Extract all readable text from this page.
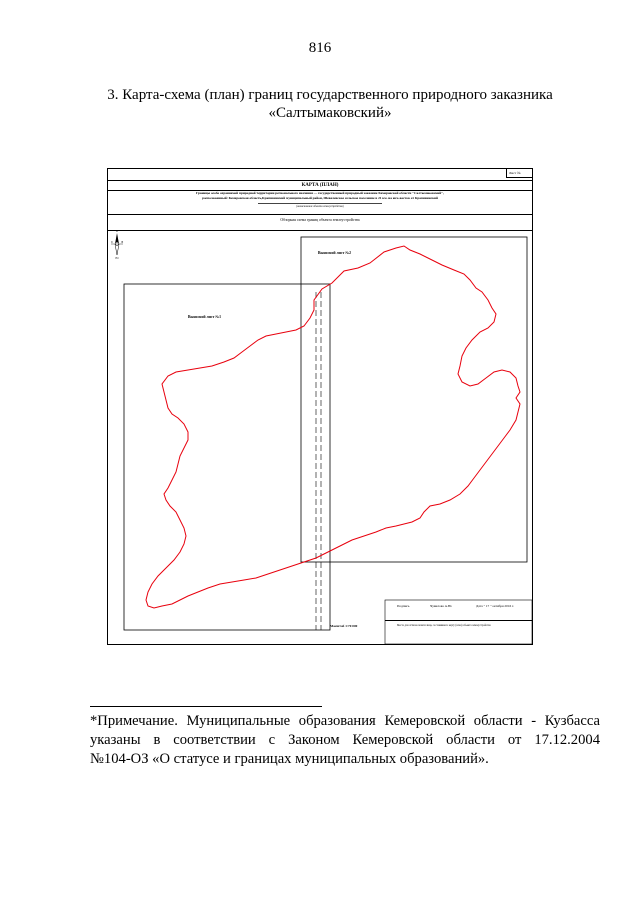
816
3. Карта-схема (план) границ государственного природного заказника
«Салтымаковский»
Лист №
КАРТА (ПЛАН)
Границы особо охраняемой природной территории регионального значения — государственный природный заказник Кемеровской области "Салтымаковский",
расположенный: Кемеровская область,Крапивинский муниципальный район, Шевелевское сельское поселение в 21 км. на юго-восток от Крапивинский
(наименование объекта землеустройства)
Обзорная схема границ объекта землеустройства
С
З	В
Ю
Выносной лист №1
Выносной лист №2
Масштаб 1:70 000
Подпись	Чувилова А.Ю.	Дата " 17 " октября 2016 г.
Место для оттиска печати лица, составившего карту (план) объекта землеустройства
*Примечание. Муниципальные образования Кемеровской области - Кузбасса
указаны в соответствии с Законом Кемеровской области от 17.12.2004
№104-ОЗ «О статусе и границах муниципальных образований».
